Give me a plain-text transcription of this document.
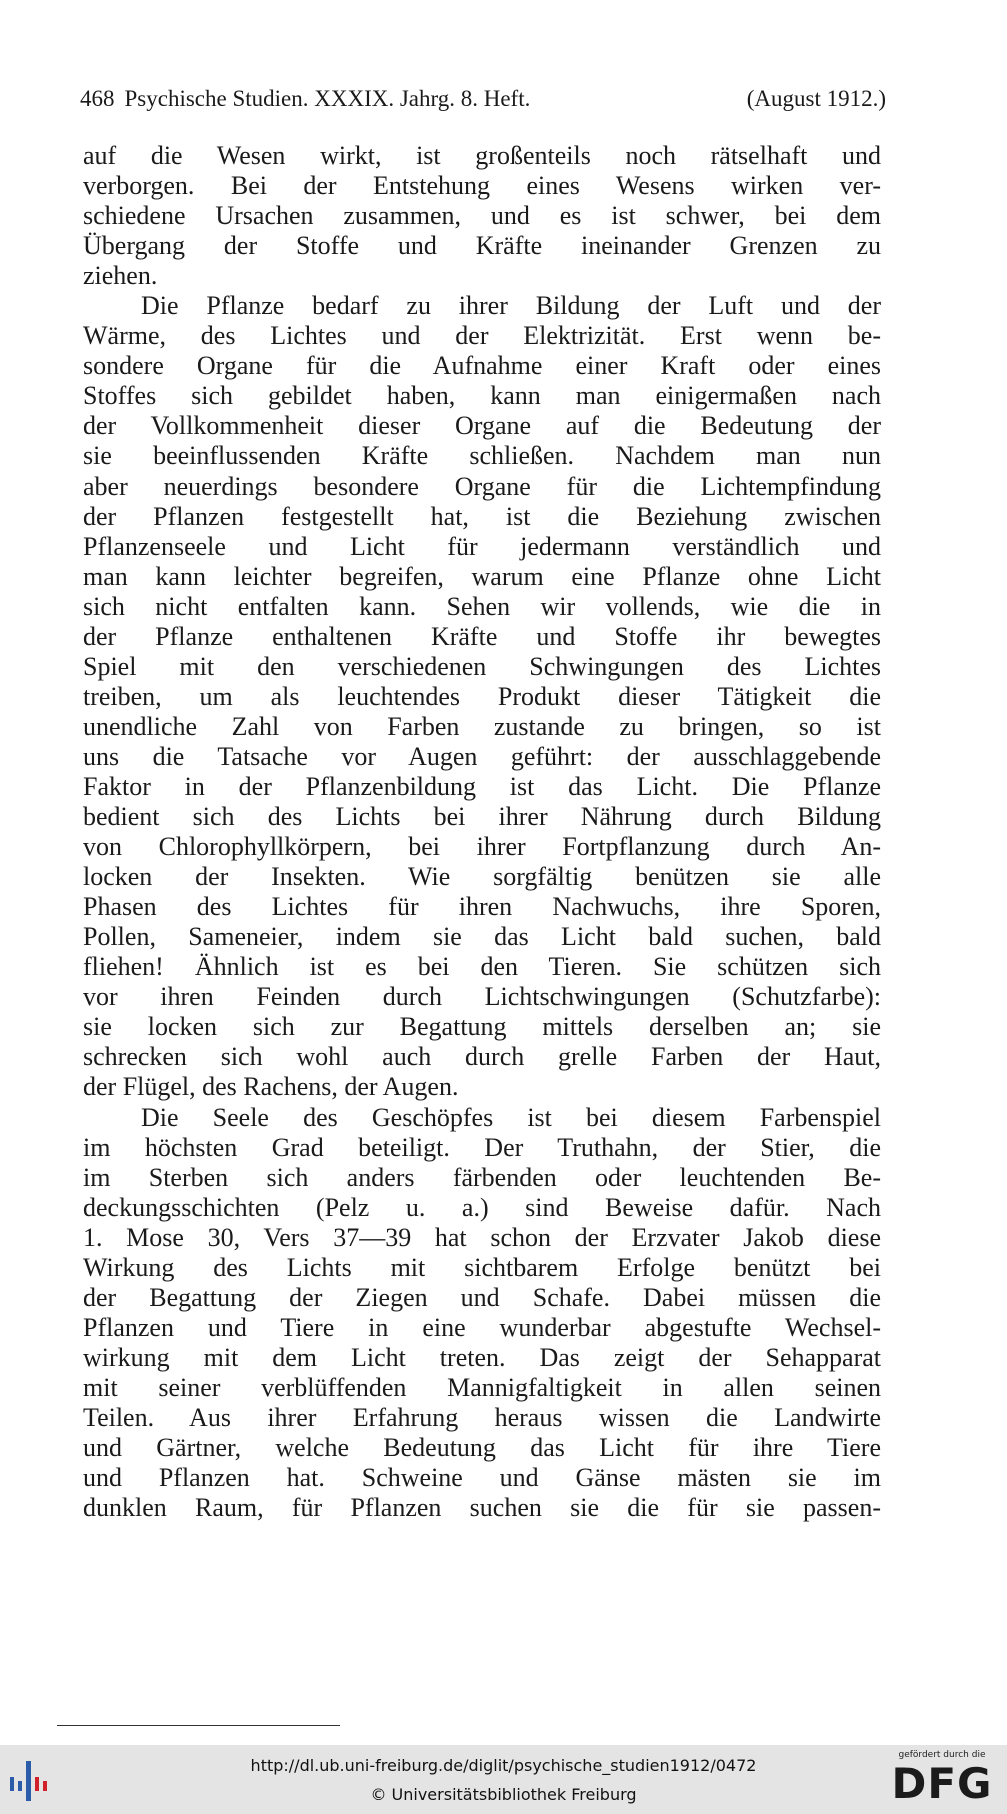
468 Psychische Studien. XXXIX. Jahrg. 8. Heft.	(August 1912.)
auf die Wesen wirkt, ist großenteils noch rätselhaft und
verborgen. Bei der Entstehung eines Wesens wirken ver-
schiedene Ursachen zusammen, und es ist schwer, bei dem
Übergang der Stoffe und Kräfte ineinander Grenzen zu
ziehen.
Die Pflanze bedarf zu ihrer Bildung der Luft und der
Wärme, des Lichtes und der Elektrizität. Erst wenn be-
sondere Organe für die Aufnahme einer Kraft oder eines
Stoffes sich gebildet haben, kann man einigermaßen nach
der Vollkommenheit dieser Organe auf die Bedeutung der
sie beeinflussenden Kräfte schließen. Nachdem man nun
aber neuerdings besondere Organe für die Lichtempfindung
der Pflanzen festgestellt hat, ist die Beziehung zwischen
Pflanzenseele und Licht für jedermann verständlich und
man kann leichter begreifen, warum eine Pflanze ohne Licht
sich nicht entfalten kann. Sehen wir vollends, wie die in
der Pflanze enthaltenen Kräfte und Stoffe ihr bewegtes
Spiel mit den verschiedenen Schwingungen des Lichtes
treiben, um als leuchtendes Produkt dieser Tätigkeit die
unendliche Zahl von Farben zustande zu bringen, so ist
uns die Tatsache vor Augen geführt: der ausschlaggebende
Faktor in der Pflanzenbildung ist das Licht. Die Pflanze
bedient sich des Lichts bei ihrer Nährung durch Bildung
von Chlorophyllkörpern, bei ihrer Fortpflanzung durch An-
locken der Insekten. Wie sorgfältig benützen sie alle
Phasen des Lichtes für ihren Nachwuchs, ihre Sporen,
Pollen, Sameneier, indem sie das Licht bald suchen, bald
fliehen! Ähnlich ist es bei den Tieren. Sie schützen sich
vor ihren Feinden durch Lichtschwingungen (Schutzfarbe):
sie locken sich zur Begattung mittels derselben an; sie
schrecken sich wohl auch durch grelle Farben der Haut,
der Flügel, des Rachens, der Augen.
Die Seele des Geschöpfes ist bei diesem Farbenspiel
im höchsten Grad beteiligt. Der Truthahn, der Stier, die
im Sterben sich anders färbenden oder leuchtenden Be-
deckungsschichten (Pelz u. a.) sind Beweise dafür. Nach
1. Mose 30, Vers 37—39 hat schon der Erzvater Jakob diese
Wirkung des Lichts mit sichtbarem Erfolge benützt bei
der Begattung der Ziegen und Schafe. Dabei müssen die
Pflanzen und Tiere in eine wunderbar abgestufte Wechsel-
wirkung mit dem Licht treten. Das zeigt der Sehapparat
mit seiner verblüffenden Mannigfaltigkeit in allen seinen
Teilen. Aus ihrer Erfahrung heraus wissen die Landwirte
und Gärtner, welche Bedeutung das Licht für ihre Tiere
und Pflanzen hat. Schweine und Gänse mästen sie im
dunklen Raum, für Pflanzen suchen sie die für sie passen-
http://dl.ub.uni-freiburg.de/diglit/psychische_studien1912/0472
© Universitätsbibliothek Freiburg
gefördert durch die
DFG
